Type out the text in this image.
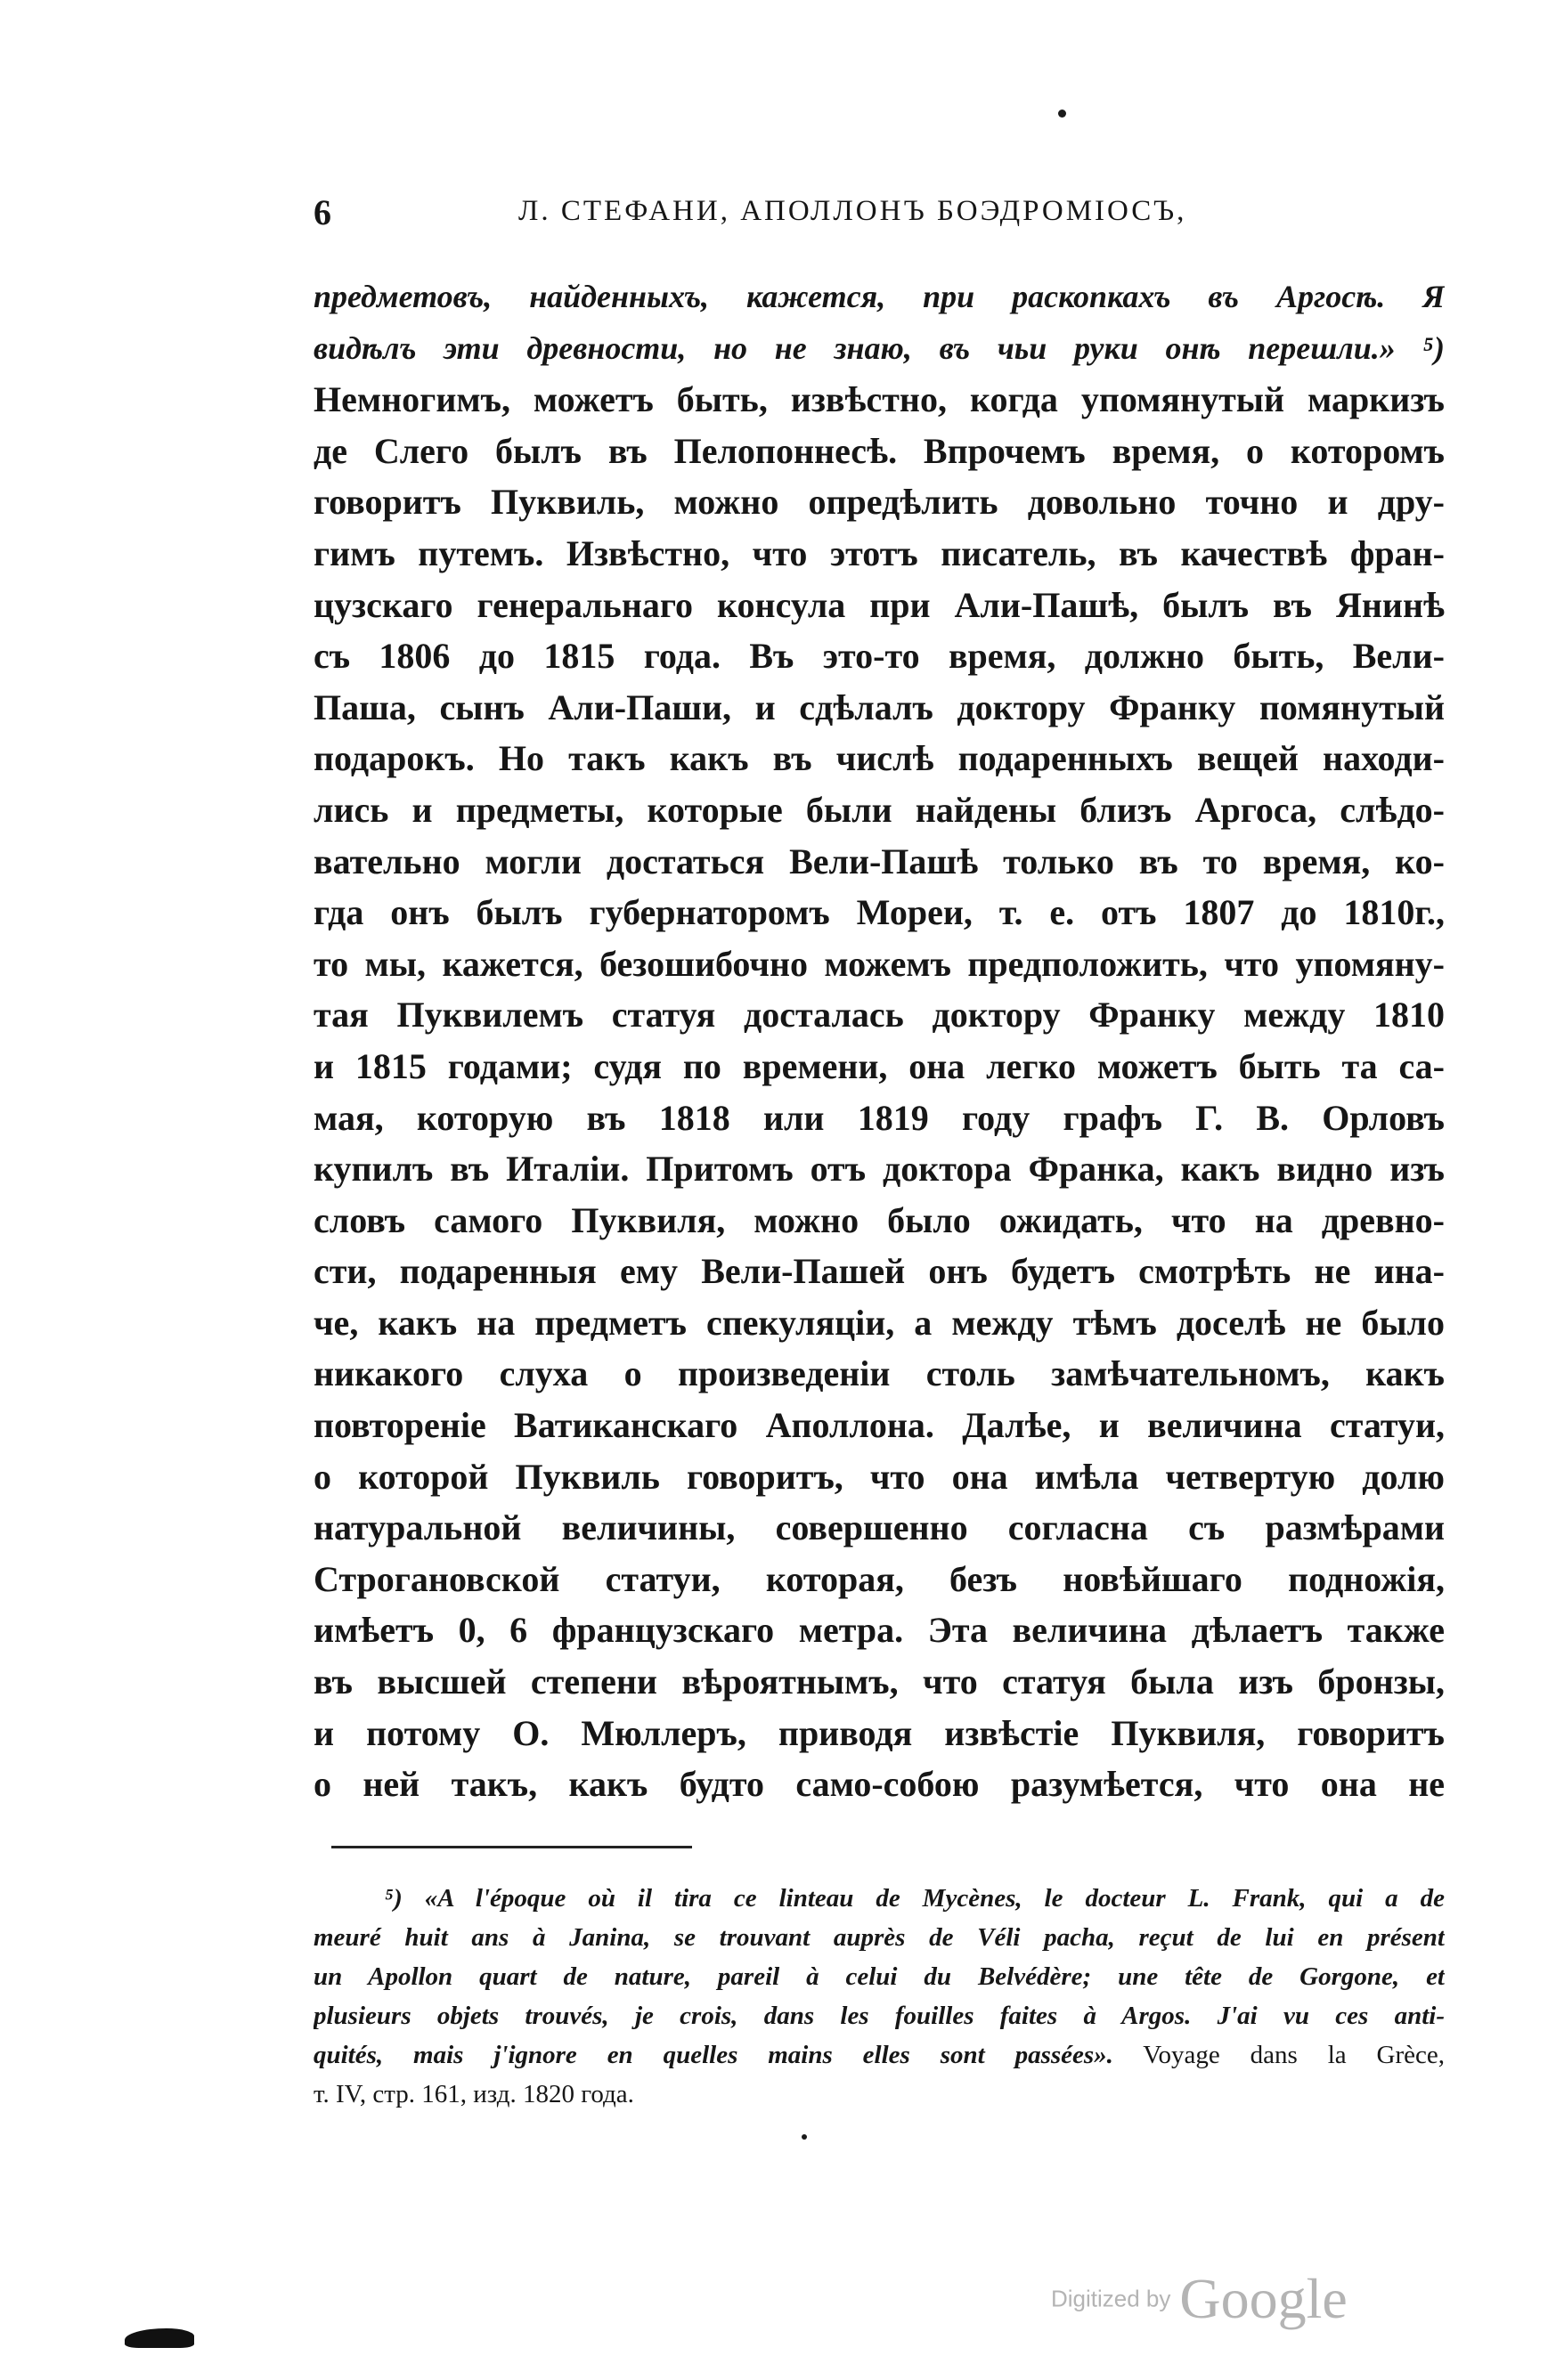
6	Л. СТЕФАНИ, АПОЛЛОНЪ БОЭДРОМIОСЪ,
предметовъ, найденныхъ, кажется, при раскопкахъ въ Аргосѣ. Я
видѣлъ эти древности, но не знаю, въ чьи руки онѣ перешли.» ⁵)
Немногимъ, можетъ быть, извѣстно, когда упомянутый маркизъ
де Слего былъ въ Пелопоннесѣ. Впрочемъ время, о которомъ
говоритъ Пуквиль, можно опредѣлить довольно точно и дру-
гимъ путемъ. Извѣстно, что этотъ писатель, въ качествѣ фран-
цузскаго генеральнаго консула при Али-Пашѣ, былъ въ Янинѣ
съ 1806 до 1815 года. Въ это-то время, должно быть, Вели-
Паша, сынъ Али-Паши, и сдѣлалъ доктору Франку помянутый
подарокъ. Но такъ какъ въ числѣ подаренныхъ вещей находи-
лись и предметы, которые были найдены близъ Аргоса, слѣдо-
вательно могли достаться Вели-Пашѣ только въ то время, ко-
гда онъ былъ губернаторомъ Мореи, т. е. отъ 1807 до 1810г.,
то мы, кажется, безошибочно можемъ предположить, что упомяну-
тая Пуквилемъ статуя досталась доктору Франку между 1810
и 1815 годами; судя по времени, она легко можетъ быть та са-
мая, которую въ 1818 или 1819 году графъ Г. В. Орловъ
купилъ въ Италiи. Притомъ отъ доктора Франка, какъ видно изъ
словъ самого Пуквиля, можно было ожидать, что на древно-
сти, подаренныя ему Вели-Пашей онъ будетъ смотрѣть не ина-
че, какъ на предметъ спекуляцiи, а между тѣмъ доселѣ не было
никакого слуха о произведенiи столь замѣчательномъ, какъ
повторенiе Ватиканскаго Аполлона. Далѣе, и величина статуи,
о которой Пуквиль говоритъ, что она имѣла четвертую долю
натуральной величины, совершенно согласна съ размѣрами
Строгановской статуи, которая, безъ новѣйшаго подножiя,
имѣетъ 0, 6 французскаго метра. Эта величина дѣлаетъ также
въ высшей степени вѣроятнымъ, что статуя была изъ бронзы,
и потому О. Мюллеръ, приводя извѣстiе Пуквиля, говоритъ
о ней такъ, какъ будто само-собою разумѣется, что она не
⁵) «A l'époque où il tira ce linteau de Mycènes, le docteur L. Frank, qui a de
meuré huit ans à Janina, se trouvant auprès de Véli pacha, reçut de lui en présent
un Apollon quart de nature, pareil à celui du Belvédère; une tête de Gorgone, et
plusieurs objets trouvés, je crois, dans les fouilles faites à Argos. J'ai vu ces anti-
quités, mais j'ignore en quelles mains elles sont passées». Voyage dans la Grèce,
т. IV, стр. 161, изд. 1820 года.
Digitized by Google
